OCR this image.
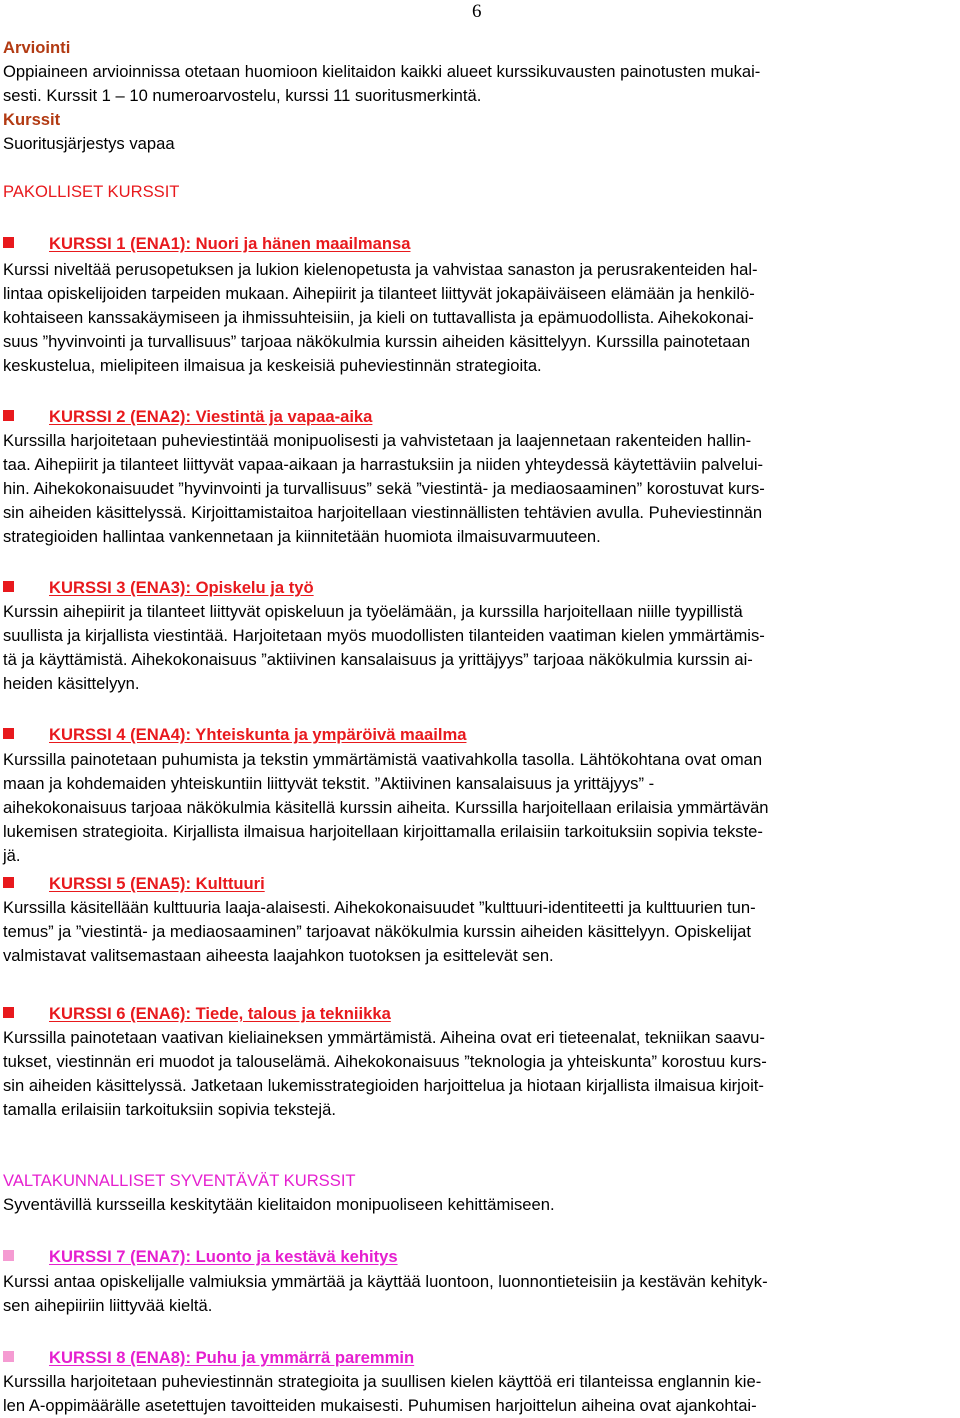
6
Arviointi
Oppiaineen arvioinnissa otetaan huomioon kielitaidon kaikki alueet kurssikuvausten painotusten mukai-
sesti. Kurssit 1 – 10 numeroarvostelu, kurssi 11 suoritusmerkintä.
Kurssit
Suoritusjärjestys vapaa
PAKOLLISET KURSSIT
KURSSI 1 (ENA1): Nuori ja hänen maailmansa
Kurssi niveltää perusopetuksen ja lukion kielenopetusta ja vahvistaa sanaston ja perusrakenteiden hal-
lintaa opiskelijoiden tarpeiden mukaan. Aihepiirit ja tilanteet liittyvät jokapäiväiseen elämään ja henkilö-
kohtaiseen kanssakäymiseen ja ihmissuhteisiin, ja kieli on tuttavallista ja epämuodollista. Aihekokonai-
suus ”hyvinvointi ja turvallisuus” tarjoaa näkökulmia kurssin aiheiden käsittelyyn. Kurssilla painotetaan
keskustelua, mielipiteen ilmaisua ja keskeisiä puheviestinnän strategioita.
KURSSI 2 (ENA2): Viestintä ja vapaa-aika
Kurssilla harjoitetaan puheviestintää monipuolisesti ja vahvistetaan ja laajennetaan rakenteiden hallin-
taa. Aihepiirit ja tilanteet liittyvät vapaa-aikaan ja harrastuksiin ja niiden yhteydessä käytettäviin palvelui-
hin. Aihekokonaisuudet ”hyvinvointi ja turvallisuus” sekä ”viestintä- ja mediaosaaminen” korostuvat kurs-
sin aiheiden käsittelyssä. Kirjoittamistaitoa harjoitellaan viestinnällisten tehtävien avulla. Puheviestinnän
strategioiden hallintaa vankennetaan ja kiinnitetään huomiota ilmaisuvarmuuteen.
KURSSI 3 (ENA3): Opiskelu ja työ
Kurssin aihepiirit ja tilanteet liittyvät opiskeluun ja työelämään, ja kurssilla harjoitellaan niille tyypillistä
suullista ja kirjallista viestintää. Harjoitetaan myös muodollisten tilanteiden vaatiman kielen ymmärtämis-
tä ja käyttämistä. Aihekokonaisuus ”aktiivinen kansalaisuus ja yrittäjyys” tarjoaa näkökulmia kurssin ai-
heiden käsittelyyn.
KURSSI 4 (ENA4): Yhteiskunta ja ympäröivä maailma
Kurssilla painotetaan puhumista ja tekstin ymmärtämistä vaativahkolla tasolla. Lähtökohtana ovat oman
maan ja kohdemaiden yhteiskuntiin liittyvät tekstit. ”Aktiivinen kansalaisuus ja yrittäjyys” -
aihekokonaisuus tarjoaa näkökulmia käsitellä kurssin aiheita. Kurssilla harjoitellaan erilaisia ymmärtävän
lukemisen strategioita. Kirjallista ilmaisua harjoitellaan kirjoittamalla erilaisiin tarkoituksiin sopivia tekste-
jä.
KURSSI 5 (ENA5): Kulttuuri
Kurssilla käsitellään kulttuuria laaja-alaisesti. Aihekokonaisuudet ”kulttuuri-identiteetti ja kulttuurien tun-
temus” ja ”viestintä- ja mediaosaaminen” tarjoavat näkökulmia kurssin aiheiden käsittelyyn. Opiskelijat
valmistavat valitsemastaan aiheesta laajahkon tuotoksen ja esittelevät sen.
KURSSI 6 (ENA6): Tiede, talous ja tekniikka
Kurssilla painotetaan vaativan kieliaineksen ymmärtämistä. Aiheina ovat eri tieteenalat, tekniikan saavu-
tukset, viestinnän eri muodot ja talouselämä. Aihekokonaisuus ”teknologia ja yhteiskunta” korostuu kurs-
sin aiheiden käsittelyssä. Jatketaan lukemisstrategioiden harjoittelua ja hiotaan kirjallista ilmaisua kirjoit-
tamalla erilaisiin tarkoituksiin sopivia tekstejä.
VALTAKUNNALLISET SYVENTÄVÄT KURSSIT
Syventävillä kursseilla keskitytään kielitaidon monipuoliseen kehittämiseen.
KURSSI 7 (ENA7): Luonto ja kestävä kehitys
Kurssi antaa opiskelijalle valmiuksia ymmärtää ja käyttää luontoon, luonnontieteisiin ja kestävän kehityk-
sen aihepiiriin liittyvää kieltä.
KURSSI 8 (ENA8): Puhu ja ymmärrä paremmin
Kurssilla harjoitetaan puheviestinnän strategioita ja suullisen kielen käyttöä eri tilanteissa englannin kie-
len A-oppimäärälle asetettujen tavoitteiden mukaisesti. Puhumisen harjoittelun aiheina ovat ajankohtai-
